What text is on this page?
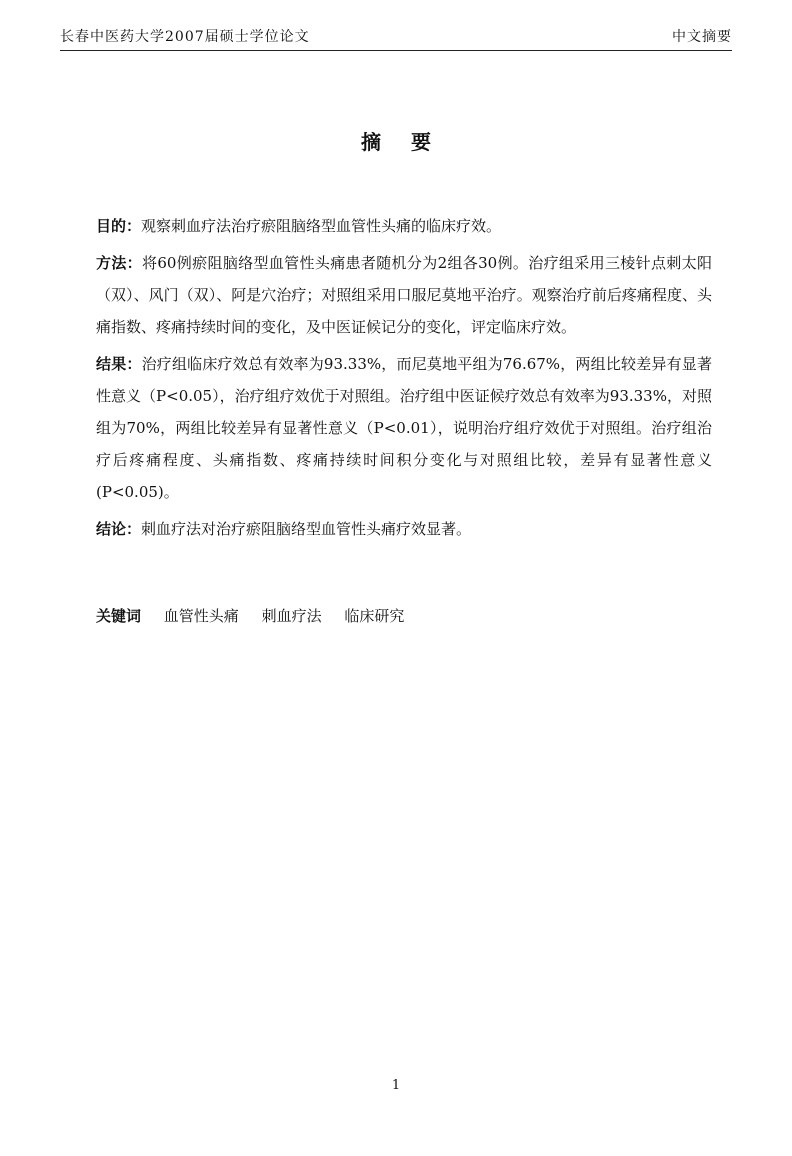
长春中医药大学2007届硕士学位论文	中文摘要
摘要

目的：观察刺血疗法治疗瘀阻脑络型血管性头痛的临床疗效。

方法：将60例瘀阻脑络型血管性头痛患者随机分为2组各30例。治疗组采用三棱针点刺太阳（双）、风门（双）、阿是穴治疗；对照组采用口服尼莫地平治疗。观察治疗前后疼痛程度、头痛指数、疼痛持续时间的变化，及中医证候记分的变化，评定临床疗效。

结果：治疗组临床疗效总有效率为93.33%，而尼莫地平组为76.67%，两组比较差异有显著性意义（P<0.05），治疗组疗效优于对照组。治疗组中医证候疗效总有效率为93.33%，对照组为70%，两组比较差异有显著性意义（P<0.01），说明治疗组疗效优于对照组。治疗组治疗后疼痛程度、头痛指数、疼痛持续时间积分变化与对照组比较，差异有显著性意义(P<0.05)。

结论：刺血疗法对治疗瘀阻脑络型血管性头痛疗效显著。

关键词 血管性头痛 刺血疗法 临床研究
1
